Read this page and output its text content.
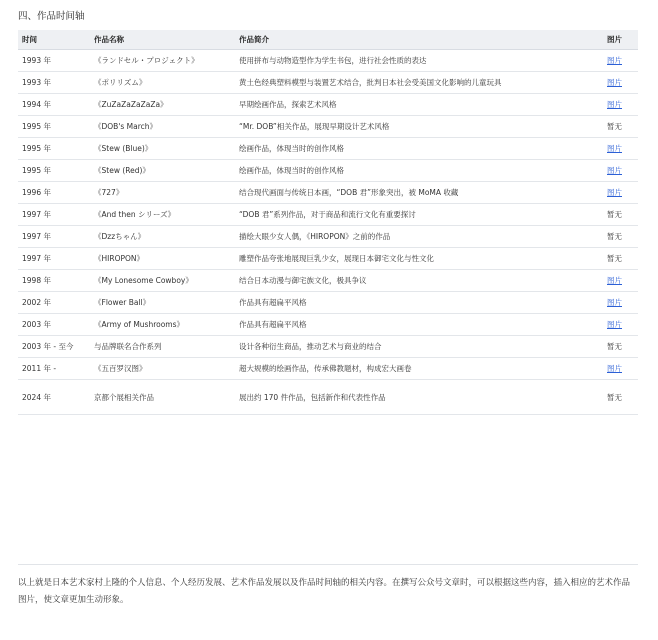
四、作品时间轴
时间	作品名称	作品简介	图片
1993 年	《ランドセル・プロジェクト》	使用拼布与动物造型作为学生书包，进行社会性质的表达	图片
1993 年	《ポリリズム》	黄土色经典塑料模型与装置艺术结合，批判日本社会受美国文化影响的儿童玩具	图片
1994 年	《ZuZaZaZaZaZa》	早期绘画作品，探索艺术风格	图片
1995 年	《DOB's March》	“Mr. DOB”相关作品，展现早期设计艺术风格	暂无
1995 年	《Stew (Blue)》	绘画作品，体现当时的创作风格	图片
1995 年	《Stew (Red)》	绘画作品，体现当时的创作风格	图片
1996 年	《727》	结合现代画面与传统日本画，“DOB 君”形象突出，被 MoMA 收藏	图片
1997 年	《And then シリーズ》	“DOB 君”系列作品，对于商品和流行文化有重要探讨	暂无
1997 年	《Dzzちゃん》	描绘大眼少女人偶，《HIROPON》之前的作品	暂无
1997 年	《HIROPON》	雕塑作品夸张地展现巨乳少女，展现日本御宅文化与性文化	暂无
1998 年	《My Lonesome Cowboy》	结合日本动漫与御宅族文化，极具争议	图片
2002 年	《Flower Ball》	作品具有超扁平风格	图片
2003 年	《Army of Mushrooms》	作品具有超扁平风格	图片
2003 年 - 至今	与品牌联名合作系列	设计各种衍生商品，推动艺术与商业的结合	暂无
2011 年 -	《五百罗汉图》	超大规模的绘画作品，传承佛教题材，构成宏大画卷	图片
2024 年	京都个展相关作品	展出约 170 件作品，包括新作和代表性作品	暂无
以上就是日本艺术家村上隆的个人信息、个人经历发展、艺术作品发展以及作品时间轴的相关内容。在撰写公众号文章时，可以根据这些内容，插入相应的艺术作品图片，使文章更加生动形象。
